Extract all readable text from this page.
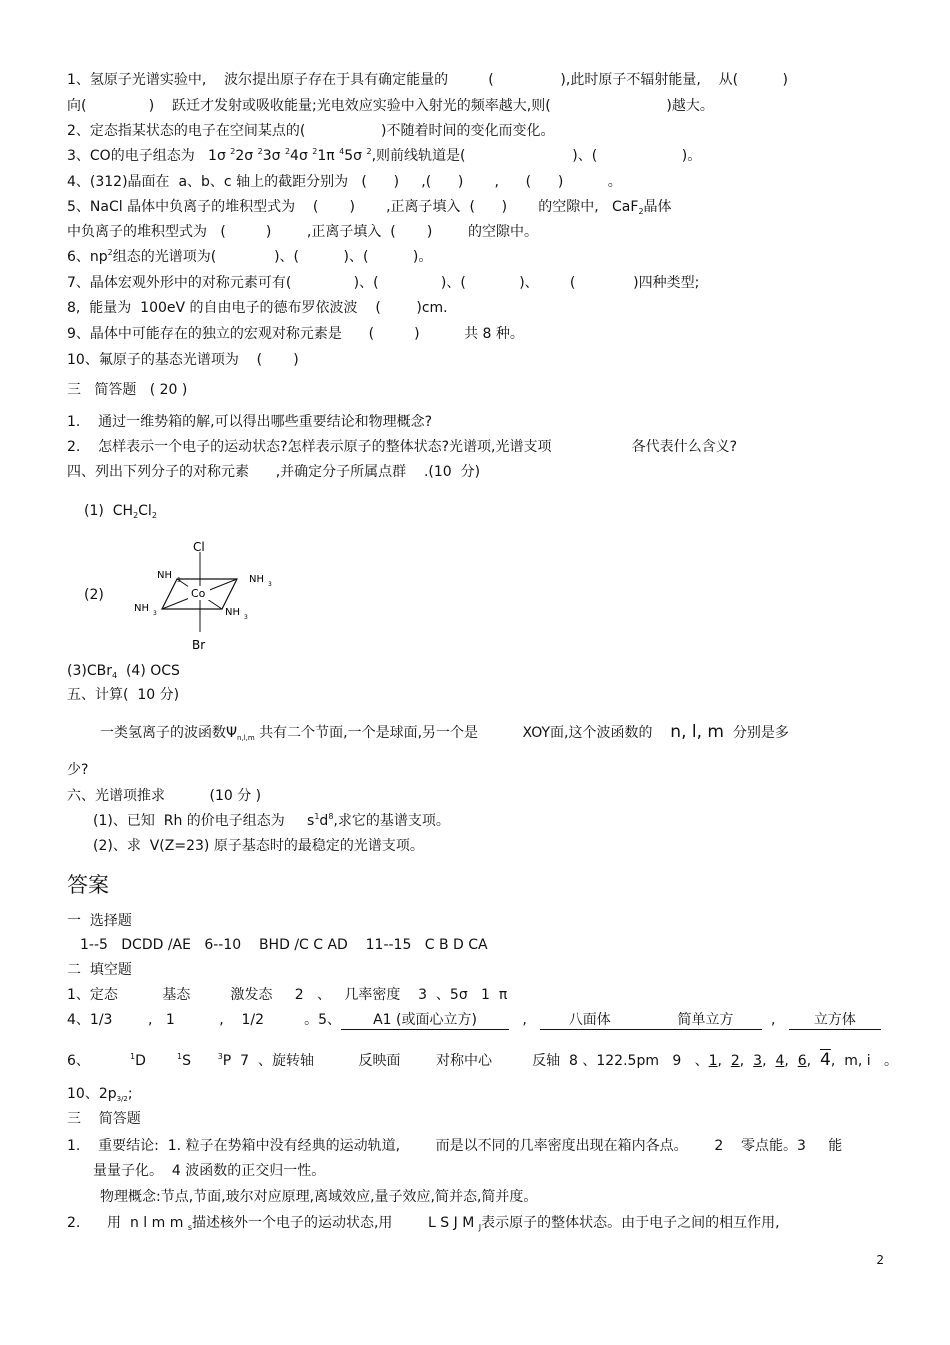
1、氢原子光谱实验中,    波尔提出原子存在于具有确定能量的         (               ),此时原子不辐射能量,    从(          )
向(              )    跃迁才发射或吸收能量;光电效应实验中入射光的频率越大,则(                          )越大。
2、定态指某状态的电子在空间某点的(                 )不随着时间的变化而变化。
3、CO的电子组态为   1σ $^2$2σ $^2$3σ $^2$4σ $^2$1π $^4$5σ $^2$,则前线轨道是(                        )、(                   )。
4、(312)晶面在  a、b、c 轴上的截距分别为   (      )     ,(      )       ,      (      )          。
5、NaCl 晶体中负离子的堆积型式为    (       )       ,正离子填入  (      )       的空隙中,   CaF$_2$晶体
中负离子的堆积型式为   (         )        ,正离子填入  (       )        的空隙中。
6、$np^2$组态的光谱项为(             )、(          )、(          )。
7、晶体宏观外形中的对称元素可有(              )、(              )、(            )、       (             )四种类型;
8,  能量为  100eV 的自由电子的德布罗依波波    (        )cm.
9、晶体中可能存在的独立的宏观对称元素是      (         )          共 8 种。
10、氟原子的基态光谱项为    (       )
三   简答题   ( 20 )
1.    通过一维势箱的解,可以得出哪些重要结论和物理概念?
2.    怎样表示一个电子的运动状态?怎样表示原子的整体状态?光谱项,光谱支项                  各代表什么含义?
四、列出下列分子的对称元素      ,并确定分子所属点群    .(10  分)
(1) $CH_2Cl_2$
(2)
Cl
Br
Co
NH 3	NH 3
NH 3	NH 3
(3)CBr$_4$  (4) OCS
五、计算(  10 分)
一类氢离子的波函数$\Psi_{n,l,m}$ 共有二个节面,一个是球面,另一个是          XOY面,这个波函数的    n, l, m  分别是多
少?
六、光谱项推求          (10 分 )
(1)、已知  Rh 的价电子组态为     $s^1d^8$,求它的基谱支项。
(2)、求  V(Z=23) 原子基态时的最稳定的光谱支项。
答案
一  选择题
1--5   DCDD /AE   6--10    BHD /C C AD    11--15   C B D CA
二  填空题
1、定态          基态         激发态     2   、   几率密度    3  、5σ   1  π
4、1/3        ,   1          ,    1/2         。5、 A1 (或面心立方)   ,   八面体               简单立方  ,   立方体
6、	$^1$D	$^1$S	$^3$P  7  、旋转轴          反映面        对称中心         反轴  8 、122.5pm   9   、1,  2,  3,  4,  6,  4,  m, i   。
10、$2p_{3/2}$;
三    简答题
1.    重要结论:  1. 粒子在势箱中没有经典的运动轨道,        而是以不同的几率密度出现在箱内各点。      2    零点能。3     能
量量子化。  4 波函数的正交归一性。
物理概念:节点,节面,玻尔对应原理,离域效应,量子效应,简并态,简并度。
2.      用  n l m m $_s$描述核外一个电子的运动状态,用        L S J M $_J$表示原子的整体状态。由于电子之间的相互作用,
2
